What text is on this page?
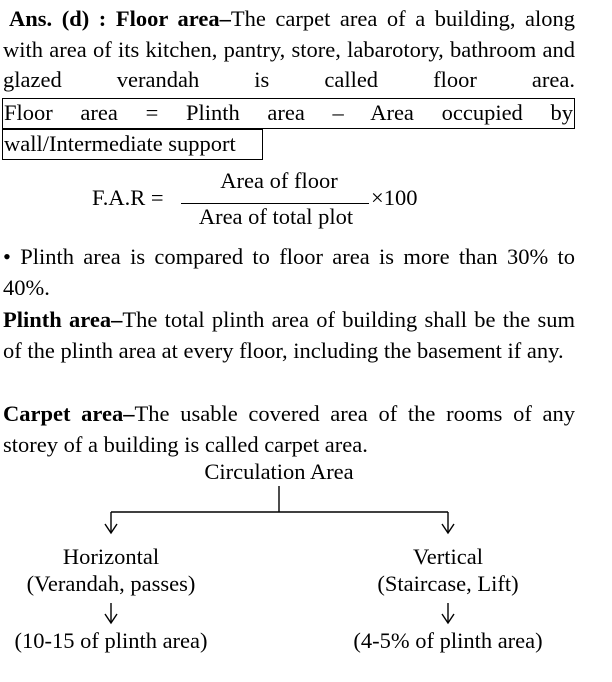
Ans. (d) : Floor area–The carpet area of a building, along with area of its kitchen, pantry, store, labarotory, bathroom and glazed verandah is called floor area.

Floor area = Plinth area – Area occupied by
wall/Intermediate support
F.A.R =
Area of floor
Area of total plot
×100

• Plinth area is compared to floor area is more than 30% to 40%.

Plinth area–The total plinth area of building shall be the sum of the plinth area at every floor, including the basement if any.

Carpet area–The usable covered area of the rooms of any storey of a building is called carpet area.

Circulation Area
Horizontal
(Verandah, passes)
(10-15 of plinth area)
Vertical
(Staircase, Lift)
(4-5% of plinth area)
